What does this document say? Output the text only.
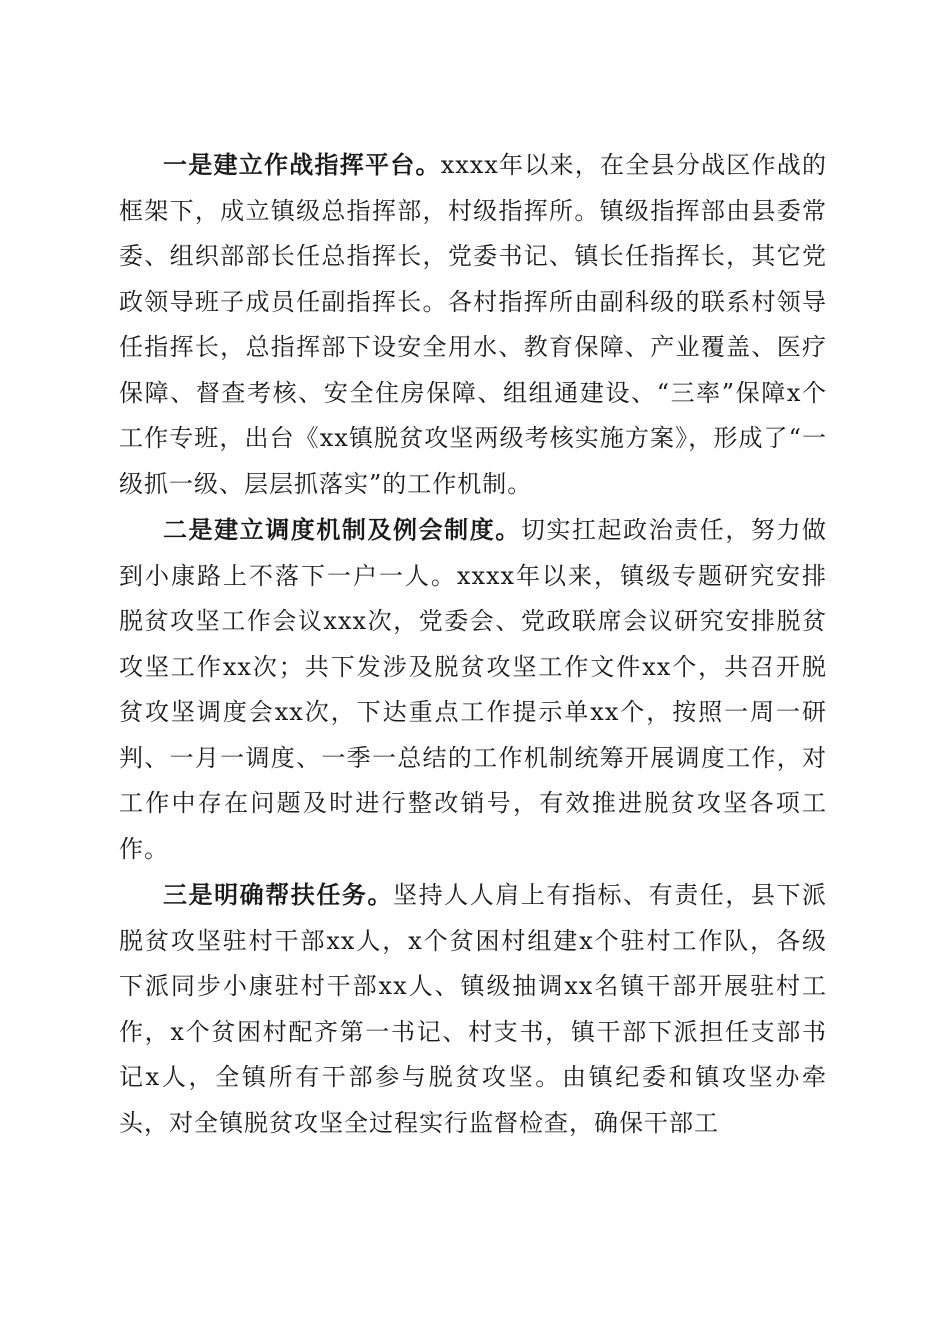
一是建立作战指挥平台。xxxx年以来，在全县分战区作战的框架下，成立镇级总指挥部，村级指挥所。镇级指挥部由县委常委、组织部部长任总指挥长，党委书记、镇长任指挥长，其它党政领导班子成员任副指挥长。各村指挥所由副科级的联系村领导任指挥长，总指挥部下设安全用水、教育保障、产业覆盖、医疗保障、督查考核、安全住房保障、组组通建设、“三率”保障x个工作专班，出台《xx镇脱贫攻坚两级考核实施方案》，形成了“一级抓一级、层层抓落实”的工作机制。

二是建立调度机制及例会制度。切实扛起政治责任，努力做到小康路上不落下一户一人。xxxx年以来，镇级专题研究安排脱贫攻坚工作会议xxx次，党委会、党政联席会议研究安排脱贫攻坚工作xx次；共下发涉及脱贫攻坚工作文件xx个，共召开脱贫攻坚调度会xx次，下达重点工作提示单xx个，按照一周一研判、一月一调度、一季一总结的工作机制统筹开展调度工作，对工作中存在问题及时进行整改销号，有效推进脱贫攻坚各项工作。

三是明确帮扶任务。坚持人人肩上有指标、有责任，县下派脱贫攻坚驻村干部xx人，x个贫困村组建x个驻村工作队，各级下派同步小康驻村干部xx人、镇级抽调xx名镇干部开展驻村工作，x个贫困村配齐第一书记、村支书，镇干部下派担任支部书记x人，全镇所有干部参与脱贫攻坚。由镇纪委和镇攻坚办牵头，对全镇脱贫攻坚全过程实行监督检查，确保干部工
